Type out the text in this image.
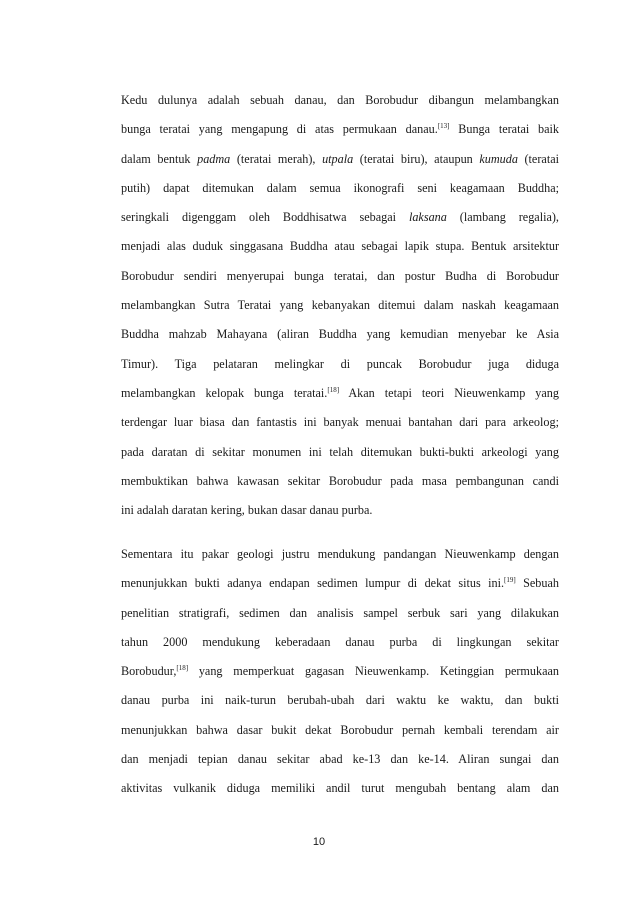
Kedu dulunya adalah sebuah danau, dan Borobudur dibangun melambangkan
bunga teratai yang mengapung di atas permukaan danau.[13] Bunga teratai baik
dalam bentuk padma (teratai merah), utpala (teratai biru), ataupun kumuda (teratai
putih) dapat ditemukan dalam semua ikonografi seni keagamaan Buddha;
seringkali digenggam oleh Boddhisatwa sebagai laksana (lambang regalia),
menjadi alas duduk singgasana Buddha atau sebagai lapik stupa. Bentuk arsitektur
Borobudur sendiri menyerupai bunga teratai, dan postur Budha di Borobudur
melambangkan Sutra Teratai yang kebanyakan ditemui dalam naskah keagamaan
Buddha mahzab Mahayana (aliran Buddha yang kemudian menyebar ke Asia
Timur). Tiga pelataran melingkar di puncak Borobudur juga diduga
melambangkan kelopak bunga teratai.[18] Akan tetapi teori Nieuwenkamp yang
terdengar luar biasa dan fantastis ini banyak menuai bantahan dari para arkeolog;
pada daratan di sekitar monumen ini telah ditemukan bukti-bukti arkeologi yang
membuktikan bahwa kawasan sekitar Borobudur pada masa pembangunan candi
ini adalah daratan kering, bukan dasar danau purba.
Sementara itu pakar geologi justru mendukung pandangan Nieuwenkamp dengan
menunjukkan bukti adanya endapan sedimen lumpur di dekat situs ini.[19] Sebuah
penelitian stratigrafi, sedimen dan analisis sampel serbuk sari yang dilakukan
tahun 2000 mendukung keberadaan danau purba di lingkungan sekitar
Borobudur,[18] yang memperkuat gagasan Nieuwenkamp. Ketinggian permukaan
danau purba ini naik-turun berubah-ubah dari waktu ke waktu, dan bukti
menunjukkan bahwa dasar bukit dekat Borobudur pernah kembali terendam air
dan menjadi tepian danau sekitar abad ke-13 dan ke-14. Aliran sungai dan
aktivitas vulkanik diduga memiliki andil turut mengubah bentang alam dan
10
